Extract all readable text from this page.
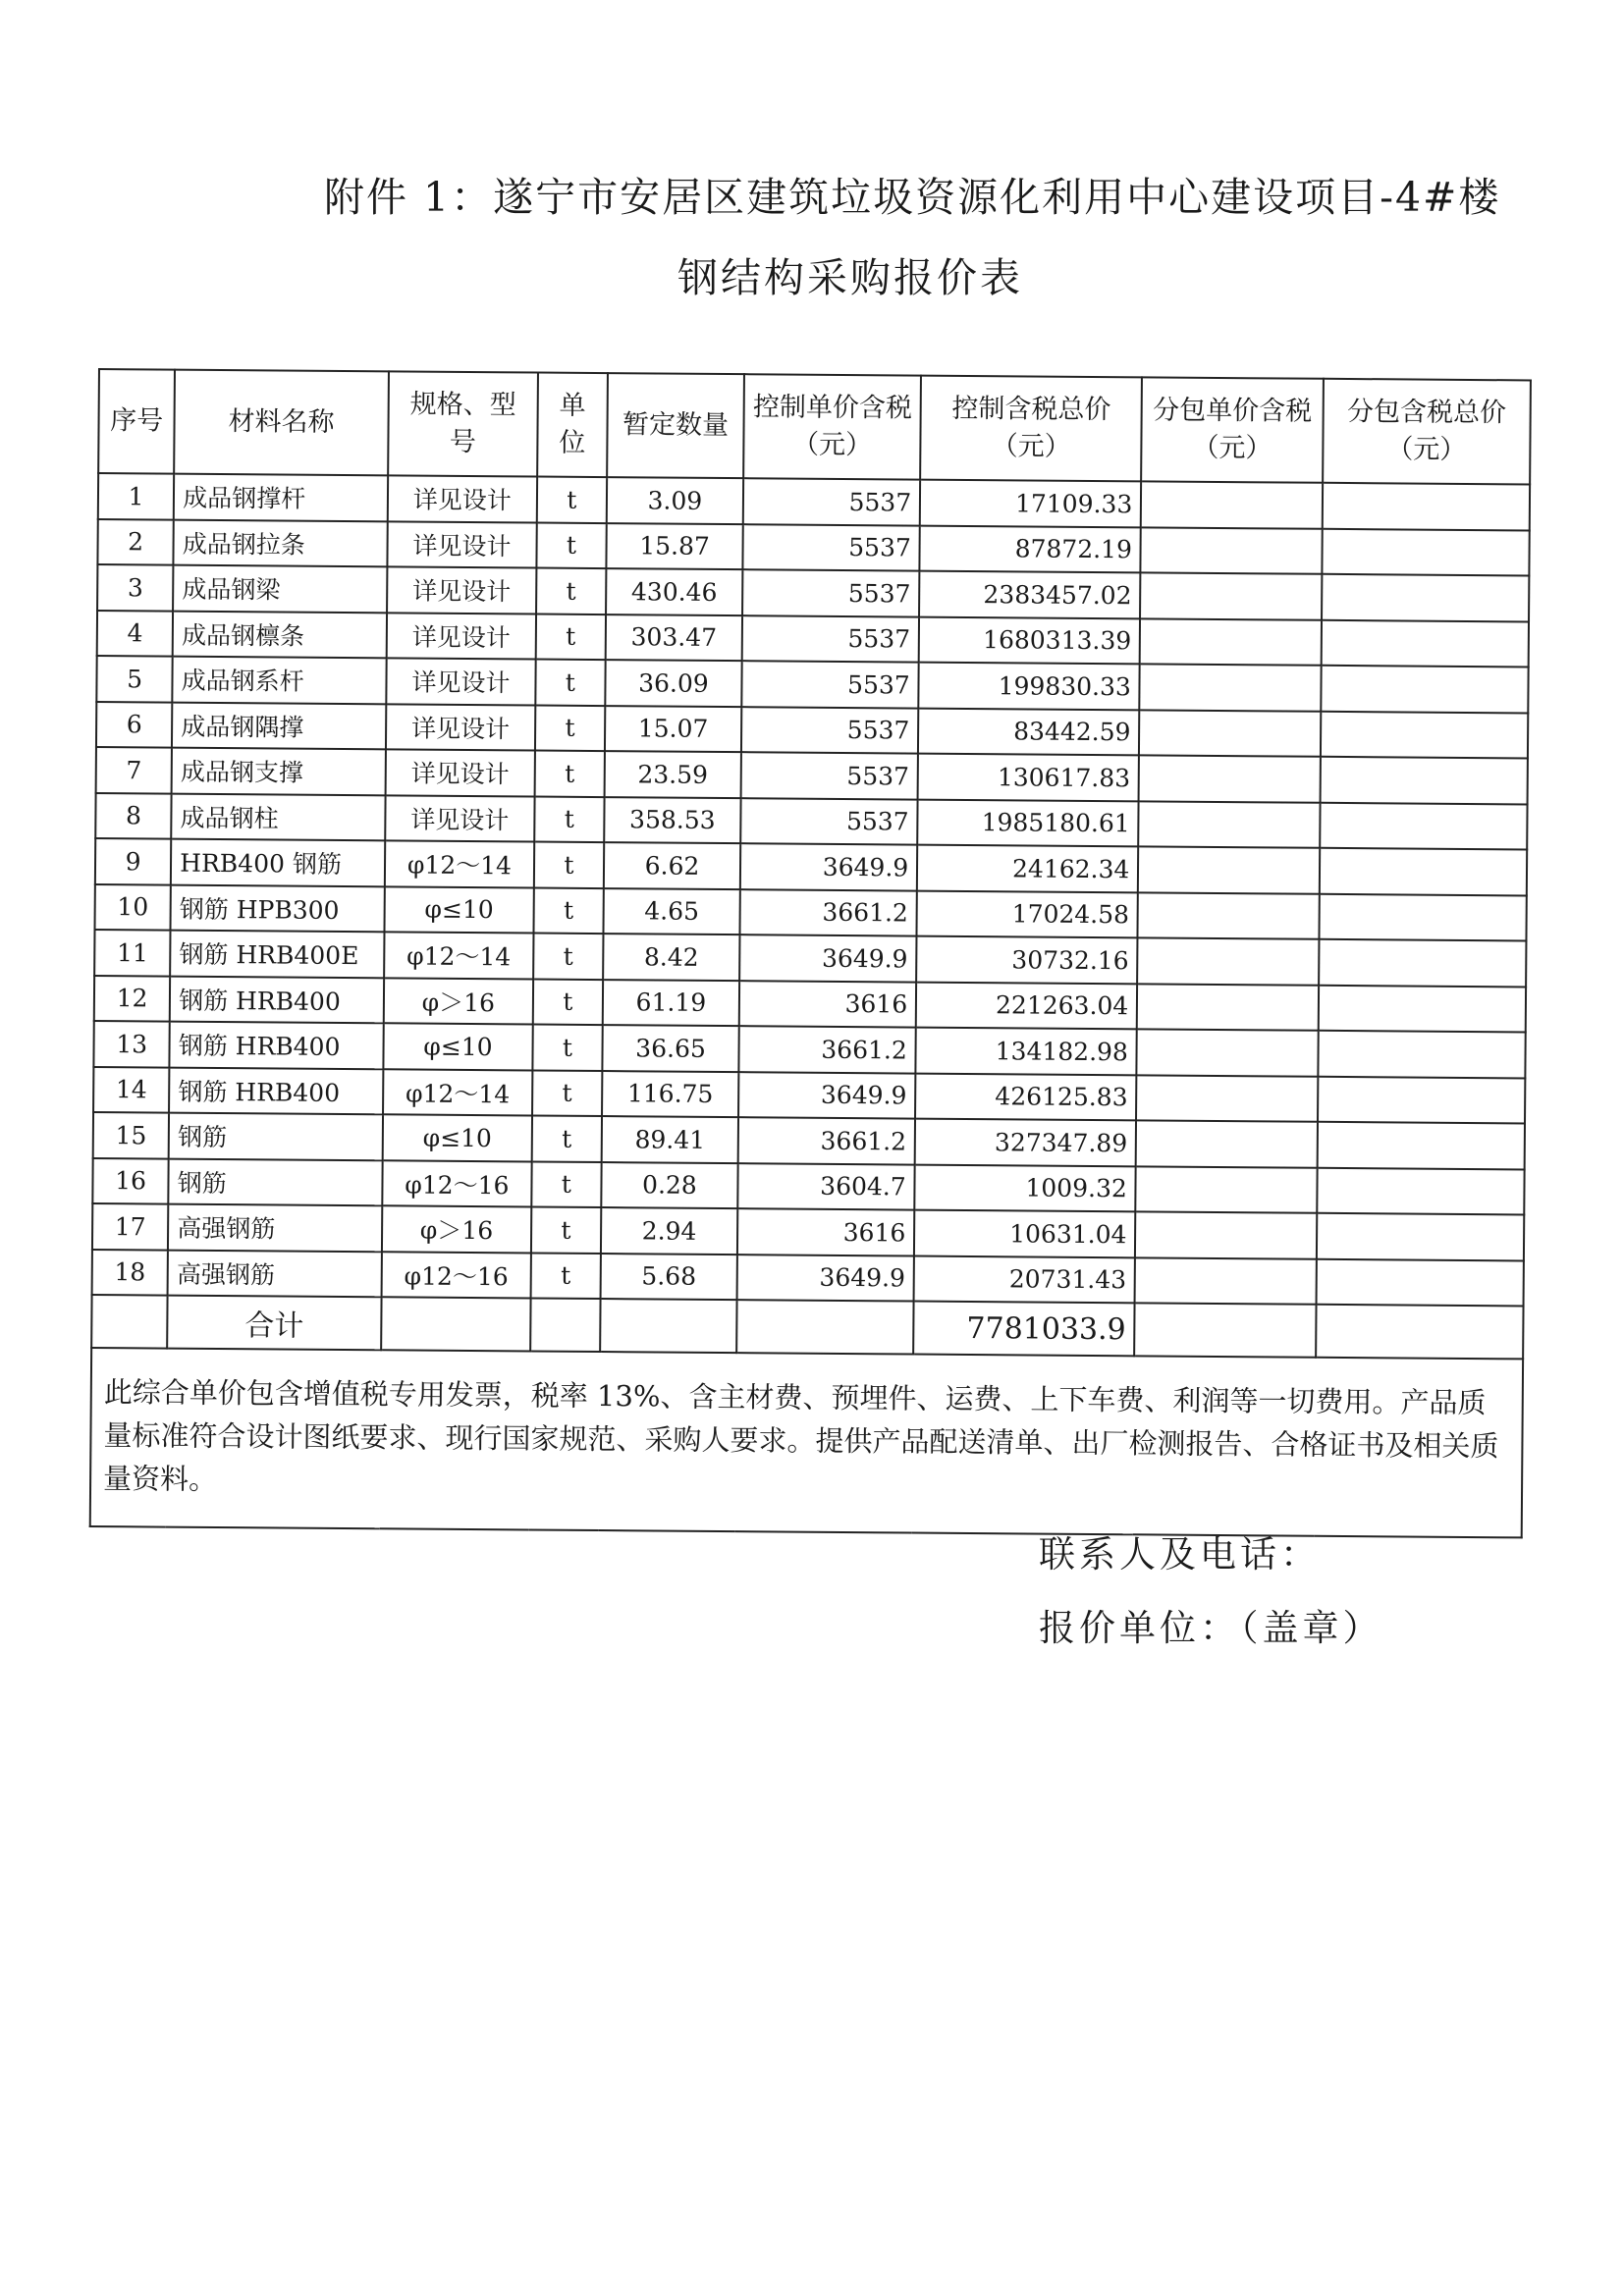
附件 1：遂宁市安居区建筑垃圾资源化利用中心建设项目-4#楼
钢结构采购报价表
序号	材料名称	规格、型号	单位	暂定数量	控制单价含税（元）	控制含税总价（元）	分包单价含税（元）	分包含税总价（元）
1	成品钢撑杆	详见设计	t	3.09	5537	17109.33		
2	成品钢拉条	详见设计	t	15.87	5537	87872.19		
3	成品钢梁	详见设计	t	430.46	5537	2383457.02		
4	成品钢檩条	详见设计	t	303.47	5537	1680313.39		
5	成品钢系杆	详见设计	t	36.09	5537	199830.33		
6	成品钢隅撑	详见设计	t	15.07	5537	83442.59		
7	成品钢支撑	详见设计	t	23.59	5537	130617.83		
8	成品钢柱	详见设计	t	358.53	5537	1985180.61		
9	HRB400 钢筋	φ12～14	t	6.62	3649.9	24162.34		
10	钢筋 HPB300	φ≤10	t	4.65	3661.2	17024.58		
11	钢筋 HRB400E	φ12～14	t	8.42	3649.9	30732.16		
12	钢筋 HRB400	φ＞16	t	61.19	3616	221263.04		
13	钢筋 HRB400	φ≤10	t	36.65	3661.2	134182.98		
14	钢筋 HRB400	φ12～14	t	116.75	3649.9	426125.83		
15	钢筋	φ≤10	t	89.41	3661.2	327347.89		
16	钢筋	φ12～16	t	0.28	3604.7	1009.32		
17	高强钢筋	φ＞16	t	2.94	3616	10631.04		
18	高强钢筋	φ12～16	t	5.68	3649.9	20731.43		
	合计					7781033.9		
此综合单价包含增值税专用发票，税率 13%、含主材费、预埋件、运费、上下车费、利润等一切费用。产品质量标准符合设计图纸要求、现行国家规范、采购人要求。提供产品配送清单、出厂检测报告、合格证书及相关质量资料。								
联系人及电话：
报价单位：（盖章）
